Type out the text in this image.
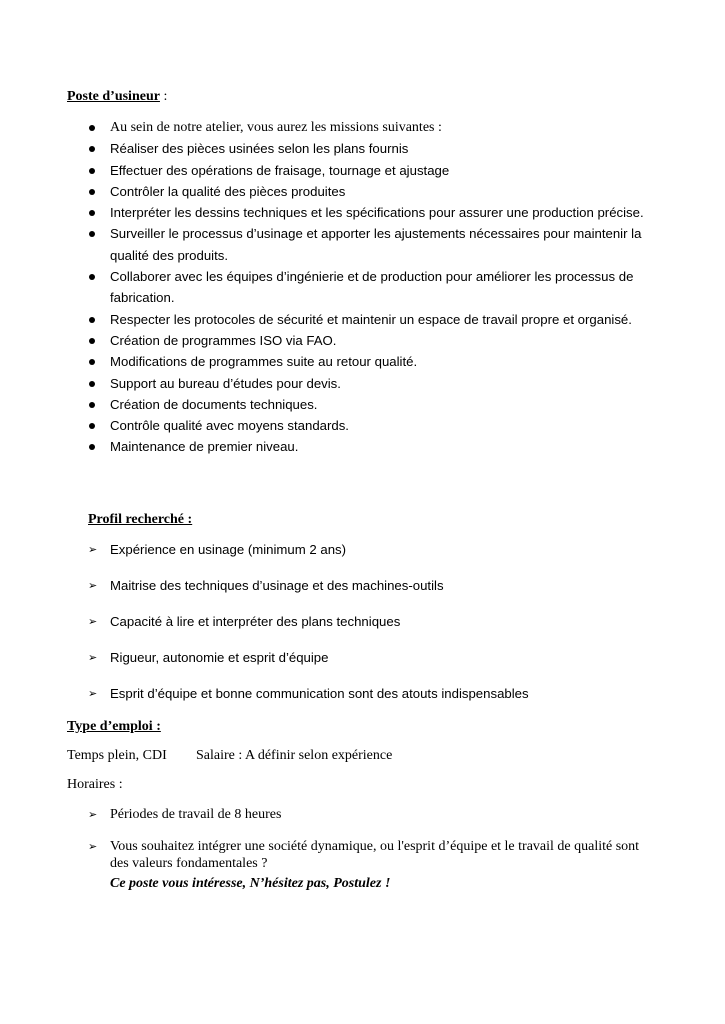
Poste d’usineur :
Au sein de notre atelier, vous aurez les missions suivantes :
Réaliser des pièces usinées selon les plans fournis
Effectuer des opérations de fraisage, tournage et ajustage
Contrôler la qualité des pièces produites
Interpréter les dessins techniques et les spécifications pour assurer une production précise.
Surveiller le processus d’usinage et apporter les ajustements nécessaires pour maintenir la qualité des produits.
Collaborer avec les équipes d’ingénierie et de production pour améliorer les processus de fabrication.
Respecter les protocoles de sécurité et maintenir un espace de travail propre et organisé.
Création de programmes ISO via FAO.
Modifications de programmes suite au retour qualité.
Support au bureau d’études pour devis.
Création de documents techniques.
Contrôle qualité avec moyens standards.
Maintenance de premier niveau.
Profil recherché :
➢ Expérience en usinage (minimum 2 ans)
➢ Maitrise des techniques d’usinage et des machines-outils
➢ Capacité à lire et interpréter des plans techniques
➢ Rigueur, autonomie et esprit d’équipe
➢ Esprit d’équipe et bonne communication sont des atouts indispensables
Type d’emploi :
Temps plein, CDI Salaire : A définir selon expérience
Horaires :
➢ Périodes de travail de 8 heures
➢ Vous souhaitez intégrer une société dynamique, ou l'esprit d’équipe et le travail de qualité sont des valeurs fondamentales ?
Ce poste vous intéresse, N’hésitez pas, Postulez !
